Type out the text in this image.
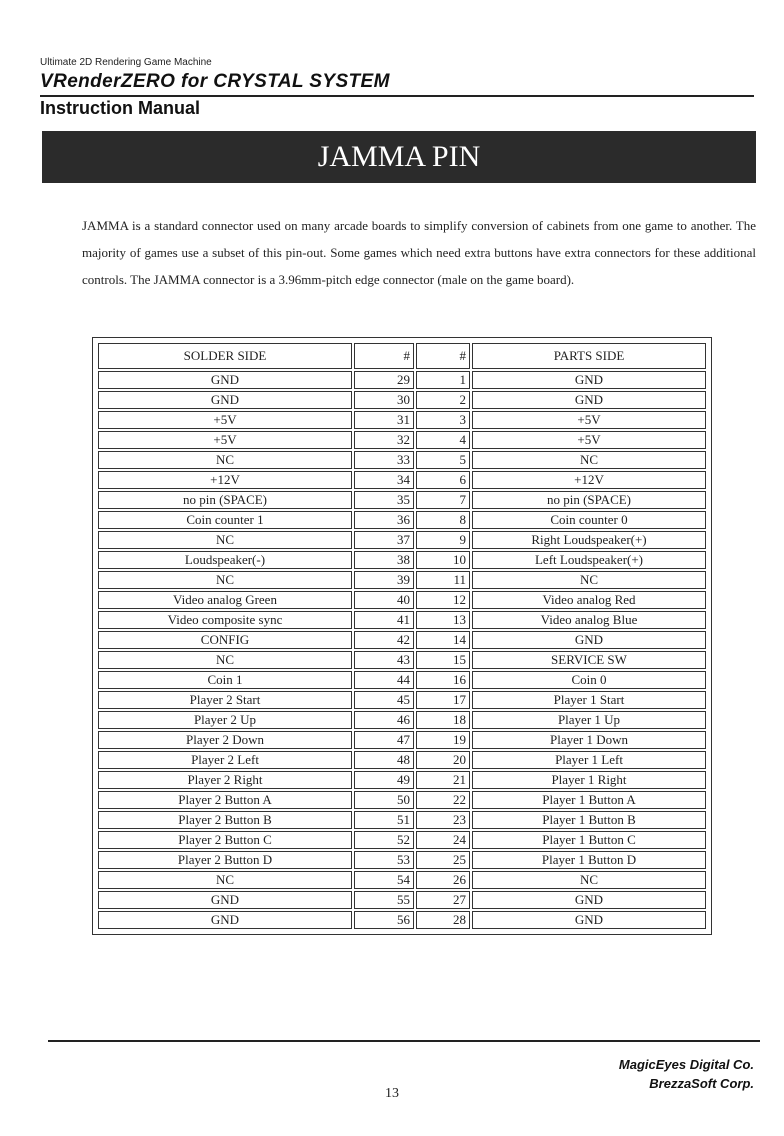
Ultimate 2D Rendering Game Machine
VRenderZERO for CRYSTAL SYSTEM
Instruction Manual
JAMMA PIN

JAMMA is a standard connector used on many arcade boards to simplify conversion of cabinets from one game to another. The majority of games use a subset of this pin-out. Some games which need extra buttons have extra connectors for these additional controls. The JAMMA connector is a 3.96mm-pitch edge connector (male on the game board).

SOLDER SIDE	#	#	PARTS SIDE
GND	29	1	GND
GND	30	2	GND
+5V	31	3	+5V
+5V	32	4	+5V
NC	33	5	NC
+12V	34	6	+12V
no pin (SPACE)	35	7	no pin (SPACE)
Coin counter 1	36	8	Coin counter 0
NC	37	9	Right Loudspeaker(+)
Loudspeaker(-)	38	10	Left Loudspeaker(+)
NC	39	11	NC
Video analog Green	40	12	Video analog Red
Video composite sync	41	13	Video analog Blue
CONFIG	42	14	GND
NC	43	15	SERVICE SW
Coin 1	44	16	Coin 0
Player 2 Start	45	17	Player 1 Start
Player 2 Up	46	18	Player 1 Up
Player 2 Down	47	19	Player 1 Down
Player 2 Left	48	20	Player 1 Left
Player 2 Right	49	21	Player 1 Right
Player 2 Button A	50	22	Player 1 Button A
Player 2 Button B	51	23	Player 1 Button B
Player 2 Button C	52	24	Player 1 Button C
Player 2 Button D	53	25	Player 1 Button D
NC	54	26	NC
GND	55	27	GND
GND	56	28	GND
MagicEyes Digital Co.
BrezzaSoft Corp.
13
